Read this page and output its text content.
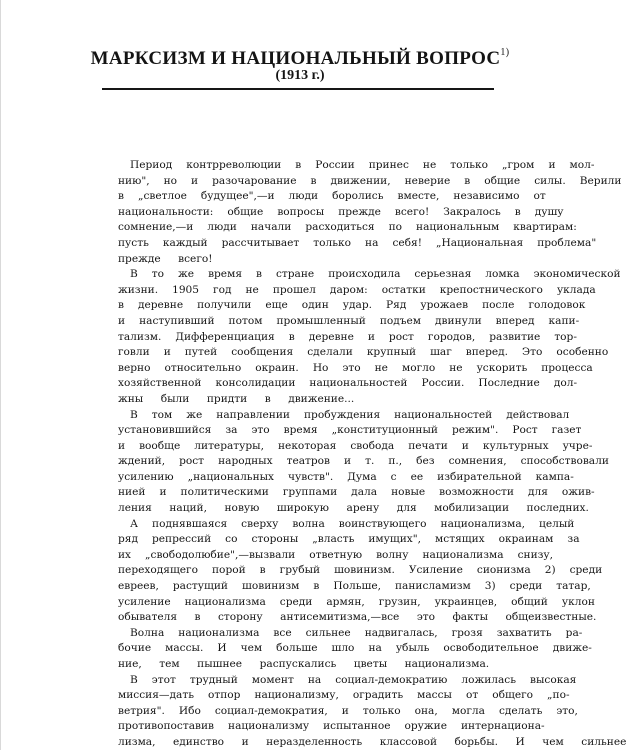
МАРКСИЗМ И НАЦИОНАЛЬНЫЙ ВОПРОС$^{1)}$
(1913 г.)
Период	контрреволюции	в	России	принес	не	только	„гром	и	мол-
нию",	но	и	разочарование	в	движении,	неверие	в	общие	силы.	Верили
в	„светлое	будущее",—и	люди	боролись	вместе,	независимо	от
национальности:	общие	вопросы	прежде	всего!	Закралось	в	душу
сомнение,—и	люди	начали	расходиться	по	национальным	квартирам:
пусть	каждый	рассчитывает	только	на	себя!	„Национальная	проблема"
прежде	всего!
В	то	же	время	в	стране	происходила	серьезная	ломка	экономической
жизни.	1905	год	не	прошел	даром:	остатки	крепостнического	уклада
в	деревне	получили	еще	один	удар.	Ряд	урожаев	после	голодовок
и	наступивший	потом	промышленный	подъем	двинули	вперед	капи-
тализм.	Дифференциация	в	деревне	и	рост	городов,	развитие	тор-
говли	и	путей	сообщения	сделали	крупный	шаг	вперед.	Это	особенно
верно	относительно	окраин.	Но	это	не	могло	не	ускорить	процесса
хозяйственной	консолидации	национальностей	России.	Последние	дол-
жны	были	придти	в	движение...
В	том	же	направлении	пробуждения	национальностей	действовал
установившийся	за	это	время	„конституционный	режим".	Рост	газет
и	вообще	литературы,	некоторая	свобода	печати	и	культурных	учре-
ждений,	рост	народных	театров	и	т.	п.,	без	сомнения,	способствовали
усилению	„национальных	чувств".	Дума	с	ее	избирательной	кампа-
нией	и	политическими	группами	дала	новые	возможности	для	ожив-
ления	наций,	новую	широкую	арену	для	мобилизации	последних.
А	поднявшаяся	сверху	волна	воинствующего	национализма,	целый
ряд	репрессий	со	стороны	„власть	имущих",	мстящих	окраинам	за
их	„свободолюбие",—вызвали	ответную	волну	национализма	снизу,
переходящего	порой	в	грубый	шовинизм.	Усиление	сионизма	2)	среди
евреев,	растущий	шовинизм	в	Польше,	панисламизм	3)	среди	татар,
усиление	национализма	среди	армян,	грузин,	украинцев,	общий	уклон
обывателя	в	сторону	антисемитизма,—все	это	факты	общеизвестные.
Волна	национализма	все	сильнее	надвигалась,	грозя	захватить	ра-
бочие	массы.	И	чем	больше	шло	на	убыль	освободительное	движе-
ние,	тем	пышнее	распускались	цветы	национализма.
В	этот	трудный	момент	на	социал-демократию	ложилась	высокая
миссия—дать	отпор	национализму,	оградить	массы	от	общего	„по-
ветрия".	Ибо	социал-демократия,	и	только	она,	могла	сделать	это,
противопоставив	национализму	испытанное	оружие	интернациона-
лизма,	единство	и	неразделенность	классовой	борьбы.	И	чем	сильнее
